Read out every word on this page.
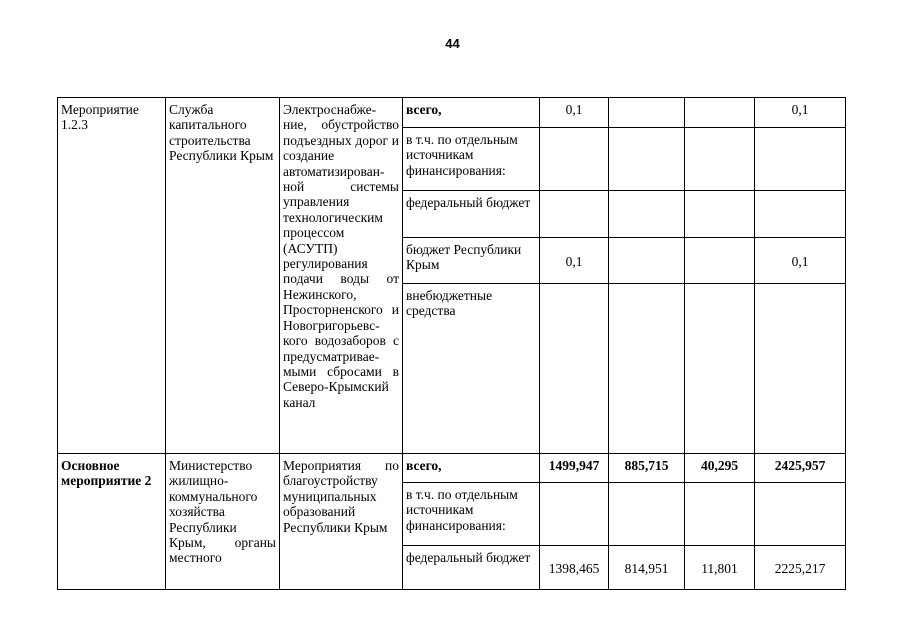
44
Мероприятие 1.2.3	Служба капитального строительства Республики Крым	Электроснабже-ние, обустройство подъездных дорог и создание автоматизирован-ной системы управления технологическим процессом (АСУТП) регулирования подачи воды от Нежинского, Просторненского и Новогригорьевс-кого водозаборов с предусматривае-мыми сбросами в Северо-Крымский канал	всего,	0,1			0,1
			в т.ч. по отдельным источникам финансирования:				
			федеральный бюджет				
			бюджет Республики Крым	0,1			0,1
			внебюджетные средства				
Основное мероприятие 2	Министерство жилищно-коммунального хозяйства Республики Крым, органы местного	Мероприятия по благоустройству муниципальных образований Республики Крым	всего,	1499,947	885,715	40,295	2425,957
			в т.ч. по отдельным источникам финансирования:				
			федеральный бюджет	1398,465	814,951	11,801	2225,217
